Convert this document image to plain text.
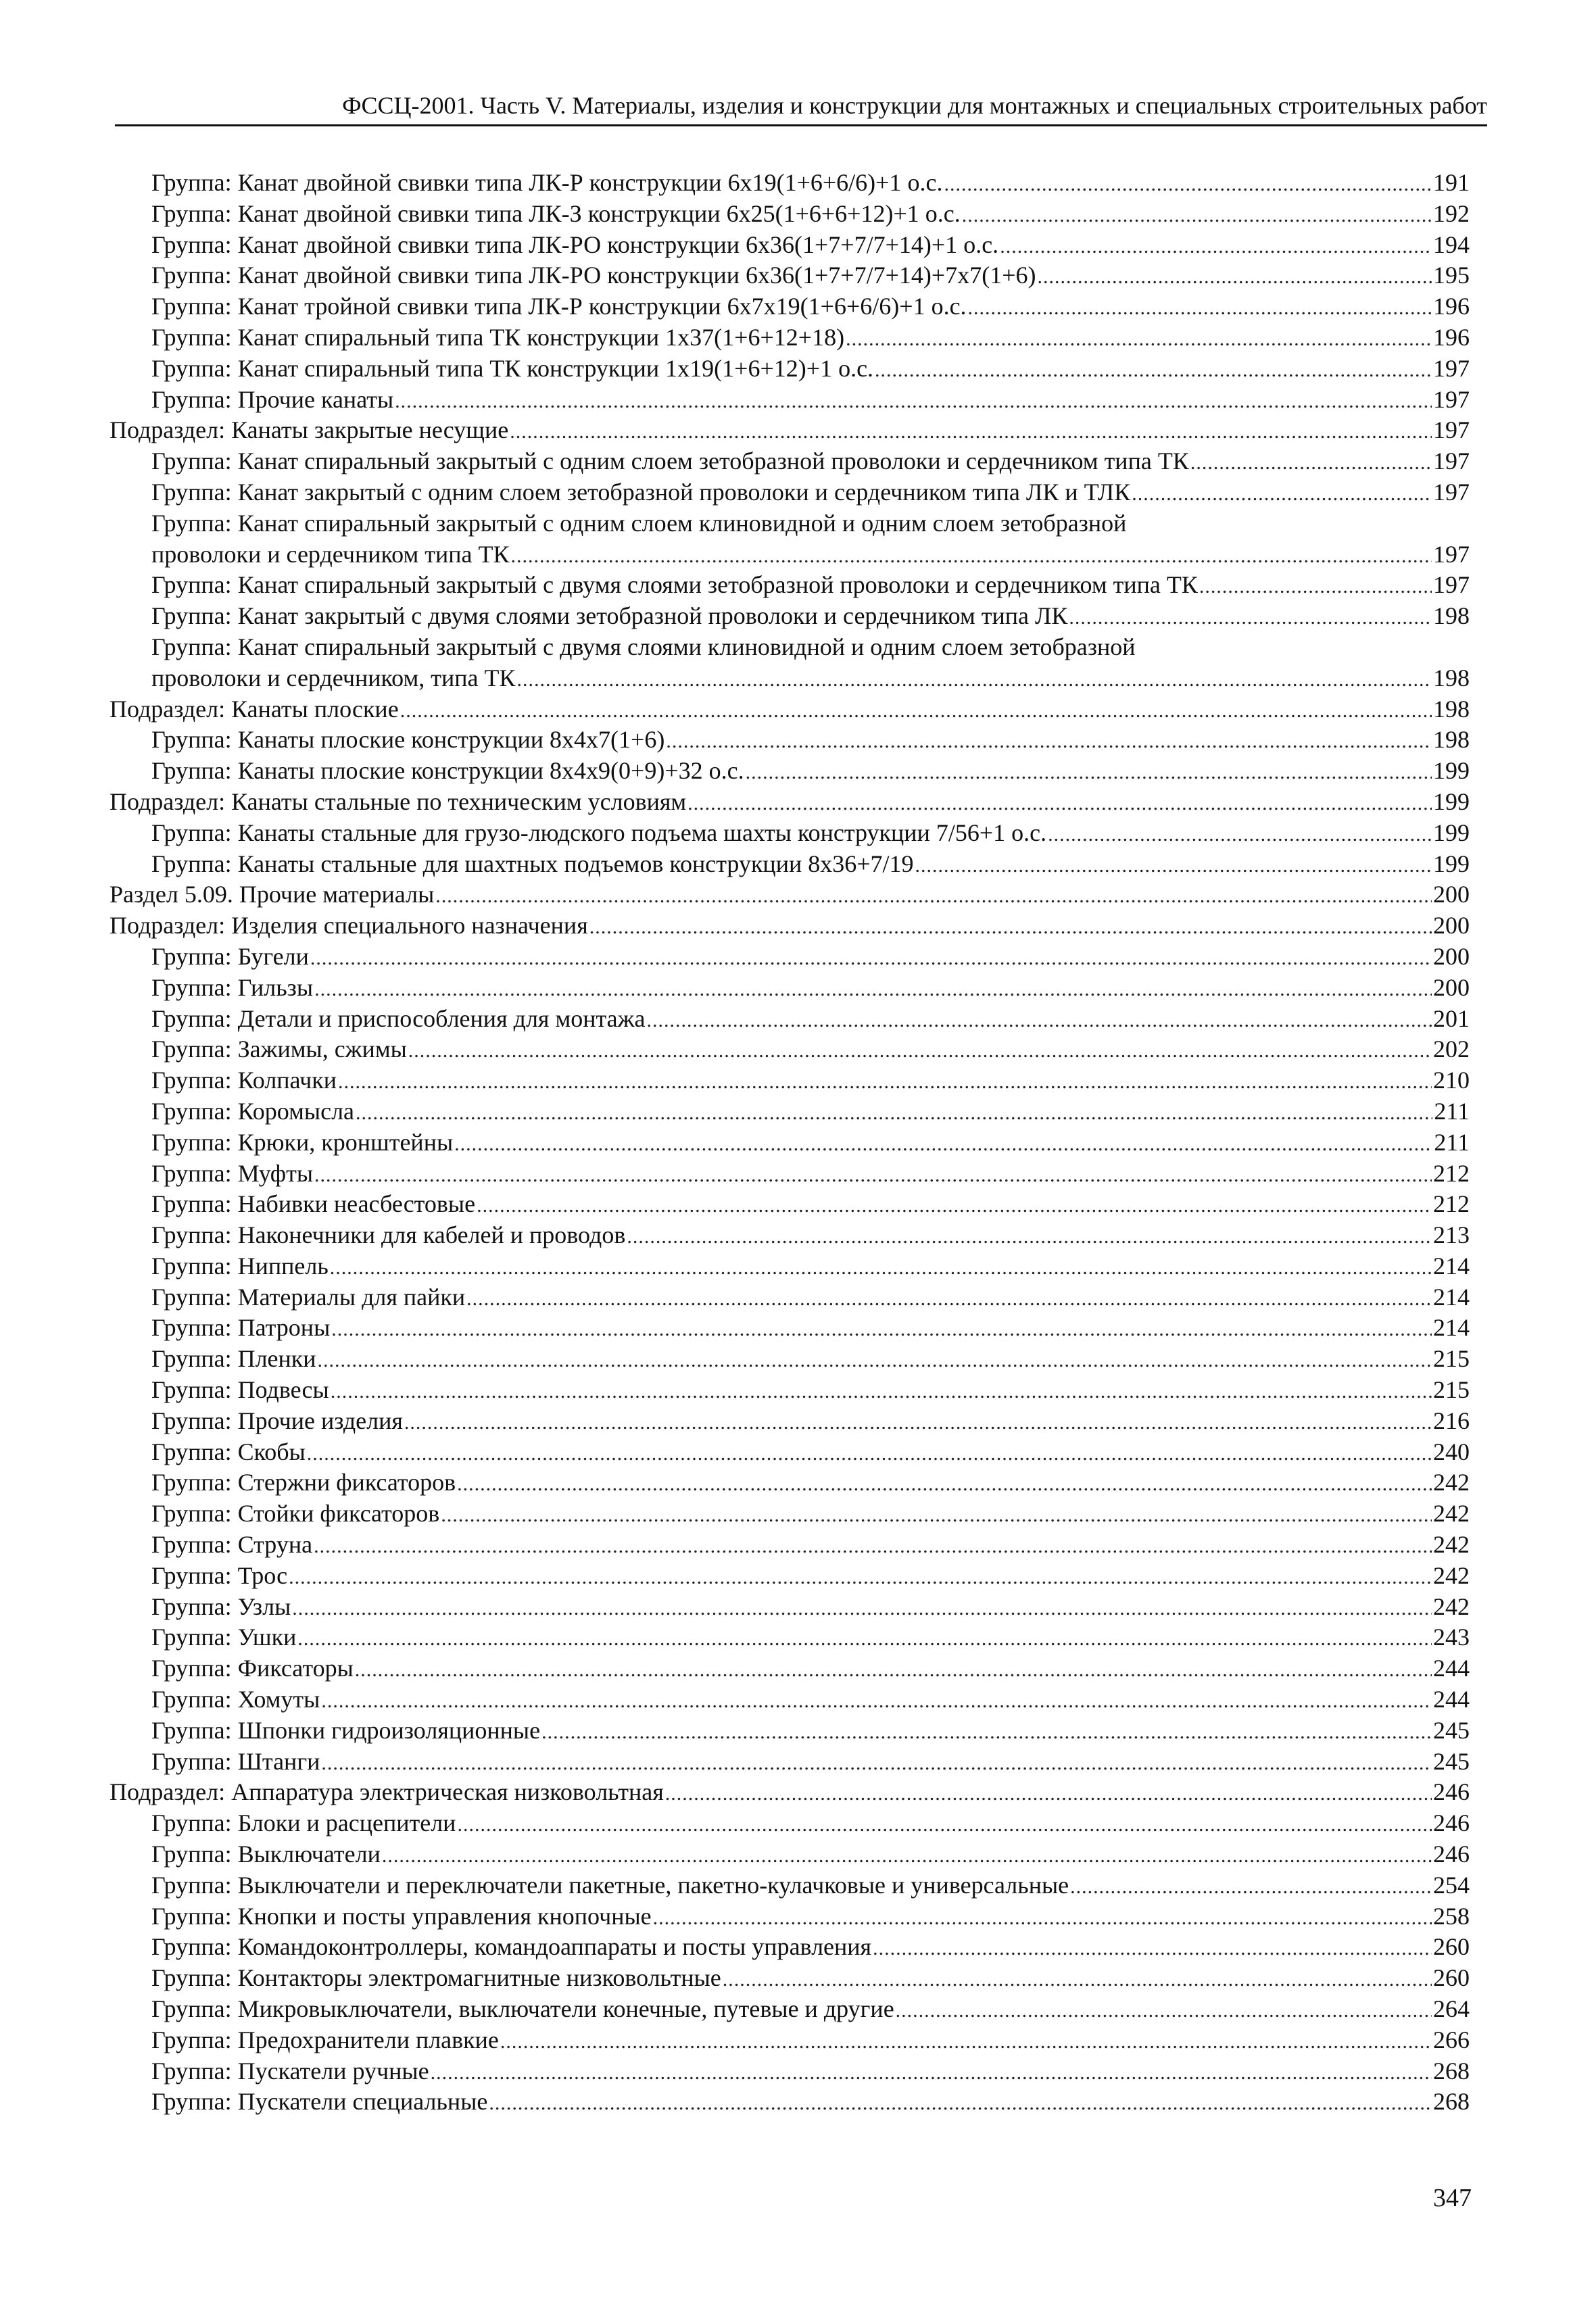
ФССЦ-2001. Часть V. Материалы, изделия и конструкции для монтажных и специальных строительных работ
Группа: Канат двойной свивки типа ЛК-Р конструкции 6х19(1+6+6/6)+1 о.с. .....	191
Группа: Канат двойной свивки типа ЛК-З конструкции 6х25(1+6+6+12)+1 о.с. .....	192
Группа: Канат двойной свивки типа ЛК-РО конструкции 6х36(1+7+7/7+14)+1 о.с. .....	194
Группа: Канат двойной свивки типа ЛК-РО конструкции 6х36(1+7+7/7+14)+7х7(1+6) .....	195
Группа: Канат тройной свивки типа ЛК-Р конструкции 6х7х19(1+6+6/6)+1 о.с. .....	196
Группа: Канат спиральный типа ТК конструкции 1х37(1+6+12+18) .....	196
Группа: Канат спиральный типа ТК конструкции 1х19(1+6+12)+1 о.с. .....	197
Группа: Прочие канаты .....	197
Подраздел: Канаты закрытые несущие .....	197
Группа: Канат спиральный закрытый с одним слоем зетобразной проволоки и сердечником типа ТК .....	197
Группа: Канат закрытый с одним слоем зетобразной проволоки и сердечником типа ЛК и ТЛК .....	197
Группа: Канат спиральный закрытый с одним слоем клиновидной и одним слоем зетобразной
проволоки и сердечником типа ТК .....	197
Группа: Канат спиральный закрытый с двумя слоями зетобразной проволоки и сердечником типа ТК .....	197
Группа: Канат закрытый с двумя слоями зетобразной проволоки и сердечником типа ЛК .....	198
Группа: Канат спиральный закрытый с двумя слоями клиновидной и одним слоем зетобразной
проволоки и сердечником, типа ТК .....	198
Подраздел: Канаты плоские .....	198
Группа: Канаты плоские конструкции 8х4х7(1+6) .....	198
Группа: Канаты плоские конструкции 8х4х9(0+9)+32 о.с. .....	199
Подраздел: Канаты стальные по техническим условиям .....	199
Группа: Канаты стальные для грузо-людского подъема шахты конструкции 7/56+1 о.с. .....	199
Группа: Канаты стальные для шахтных подъемов конструкции 8х36+7/19 .....	199
Раздел 5.09. Прочие материалы .....	200
Подраздел: Изделия специального назначения .....	200
Группа: Бугели .....	200
Группа: Гильзы .....	200
Группа: Детали и приспособления для монтажа .....	201
Группа: Зажимы, сжимы .....	202
Группа: Колпачки .....	210
Группа: Коромысла .....	211
Группа: Крюки, кронштейны .....	211
Группа: Муфты .....	212
Группа: Набивки неасбестовые .....	212
Группа: Наконечники для кабелей и проводов .....	213
Группа: Ниппель .....	214
Группа: Материалы для пайки .....	214
Группа: Патроны .....	214
Группа: Пленки .....	215
Группа: Подвесы .....	215
Группа: Прочие изделия .....	216
Группа: Скобы .....	240
Группа: Стержни фиксаторов .....	242
Группа: Стойки фиксаторов .....	242
Группа: Струна .....	242
Группа: Трос .....	242
Группа: Узлы .....	242
Группа: Ушки .....	243
Группа: Фиксаторы .....	244
Группа: Хомуты .....	244
Группа: Шпонки гидроизоляционные .....	245
Группа: Штанги .....	245
Подраздел: Аппаратура электрическая низковольтная .....	246
Группа: Блоки и расцепители .....	246
Группа: Выключатели .....	246
Группа: Выключатели и переключатели пакетные, пакетно-кулачковые и универсальные .....	254
Группа: Кнопки и посты управления кнопочные .....	258
Группа: Командоконтроллеры, командоаппараты и посты управления .....	260
Группа: Контакторы электромагнитные низковольтные .....	260
Группа: Микровыключатели, выключатели конечные, путевые и другие .....	264
Группа: Предохранители плавкие .....	266
Группа: Пускатели ручные .....	268
Группа: Пускатели специальные .....	268
347
